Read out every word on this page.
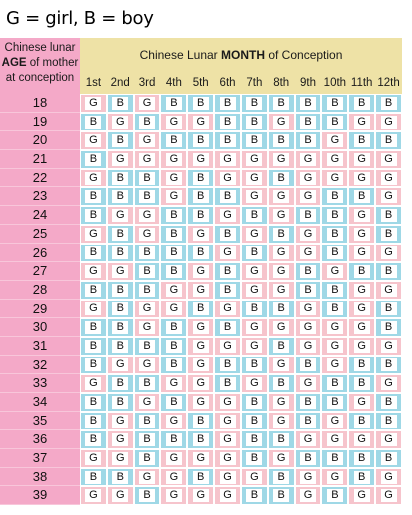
G = girl, B = boy
Chinese lunar
AGE of mother
at conception
Chinese Lunar MONTH of Conception
1st 2nd 3rd 4th 5th 6th 7th 8th 9th 10th 11th 12th
18	G	B	G	B	B	B	B	B	B	B	B	B
19	B	G	B	G	G	B	B	G	B	B	G	G
20	G	B	G	B	B	B	B	B	B	G	B	B
21	B	G	G	G	G	G	G	G	G	G	G	G
22	G	B	B	G	B	G	G	B	G	G	G	G
23	B	B	B	G	B	B	G	G	G	B	B	G
24	B	G	G	B	B	G	B	G	B	B	G	B
25	G	B	G	B	G	B	G	B	G	B	G	B
26	B	B	B	B	B	G	B	G	G	B	G	G
27	G	G	B	B	G	B	G	G	B	G	B	B
28	B	B	B	G	G	B	G	G	B	B	G	G
29	G	B	G	G	B	G	B	B	G	B	G	B
30	B	B	G	B	G	B	G	G	G	G	G	B
31	B	B	B	B	G	G	G	B	G	G	G	G
32	B	G	G	B	G	B	B	G	B	G	B	B
33	G	B	B	G	G	B	G	B	G	B	B	G
34	B	B	G	B	G	G	B	G	B	B	G	B
35	B	G	B	G	B	G	B	G	B	G	B	B
36	B	G	B	B	B	G	B	B	G	G	G	G
37	G	G	B	G	G	G	B	G	B	B	B	B
38	B	B	G	G	B	G	G	B	G	G	B	G
39	G	G	B	G	G	G	B	B	G	B	G	G
